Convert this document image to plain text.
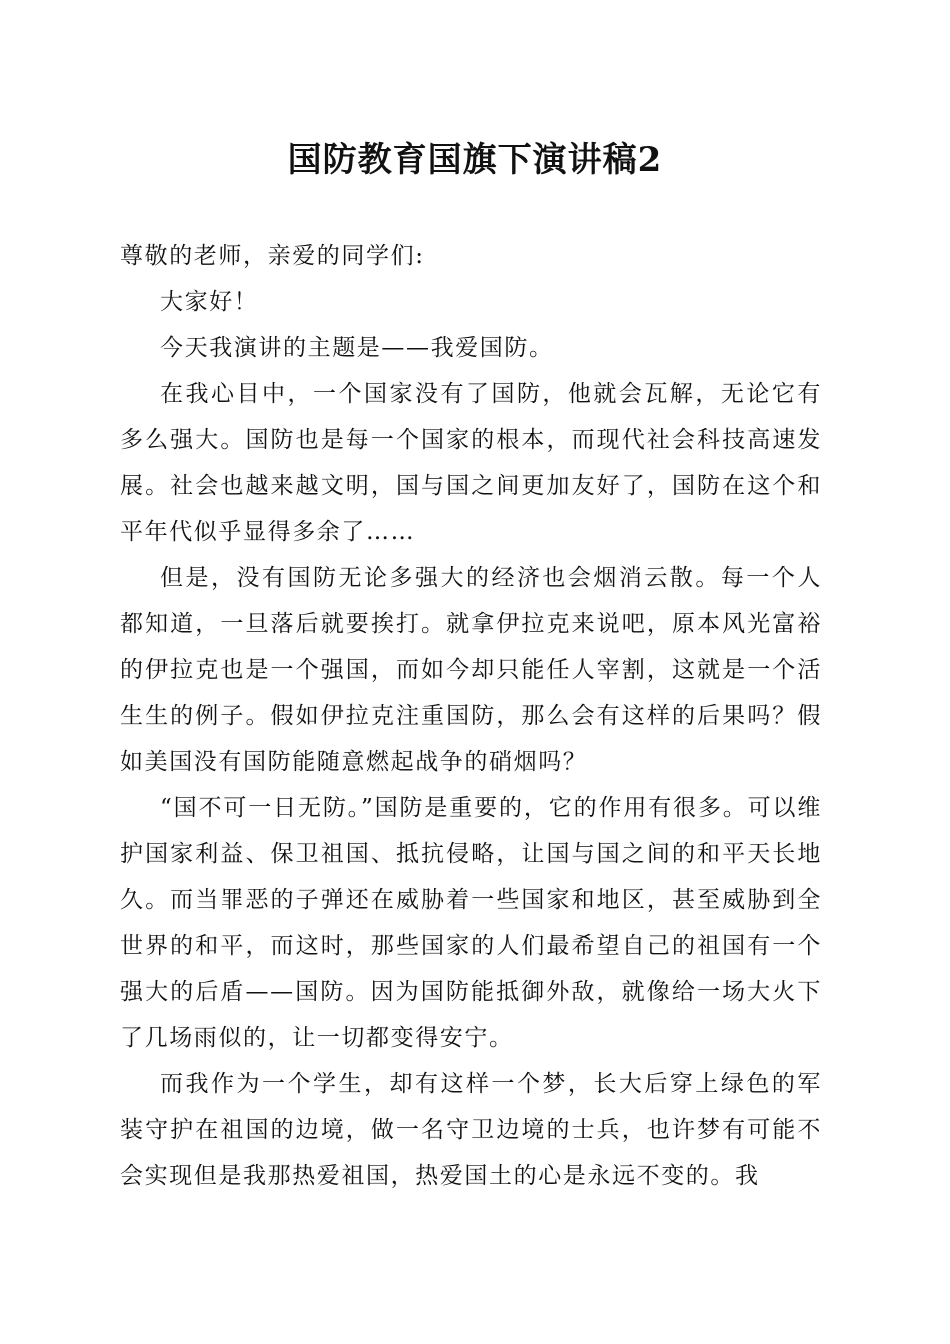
国防教育国旗下演讲稿2

尊敬的老师，亲爱的同学们:

大家好！

今天我演讲的主题是——我爱国防。

在我心目中，一个国家没有了国防，他就会瓦解，无论它有多么强大。国防也是每一个国家的根本，而现代社会科技高速发展。社会也越来越文明，国与国之间更加友好了，国防在这个和平年代似乎显得多余了……

但是，没有国防无论多强大的经济也会烟消云散。每一个人都知道，一旦落后就要挨打。就拿伊拉克来说吧，原本风光富裕的伊拉克也是一个强国，而如今却只能任人宰割，这就是一个活生生的例子。假如伊拉克注重国防，那么会有这样的后果吗？假如美国没有国防能随意燃起战争的硝烟吗？

“国不可一日无防。”国防是重要的，它的作用有很多。可以维护国家利益、保卫祖国、抵抗侵略，让国与国之间的和平天长地久。而当罪恶的子弹还在威胁着一些国家和地区，甚至威胁到全世界的和平，而这时，那些国家的人们最希望自己的祖国有一个强大的后盾——国防。因为国防能抵御外敌，就像给一场大火下了几场雨似的，让一切都变得安宁。

而我作为一个学生，却有这样一个梦，长大后穿上绿色的军装守护在祖国的边境，做一名守卫边境的士兵，也许梦有可能不会实现但是我那热爱祖国，热爱国土的心是永远不变的。我
